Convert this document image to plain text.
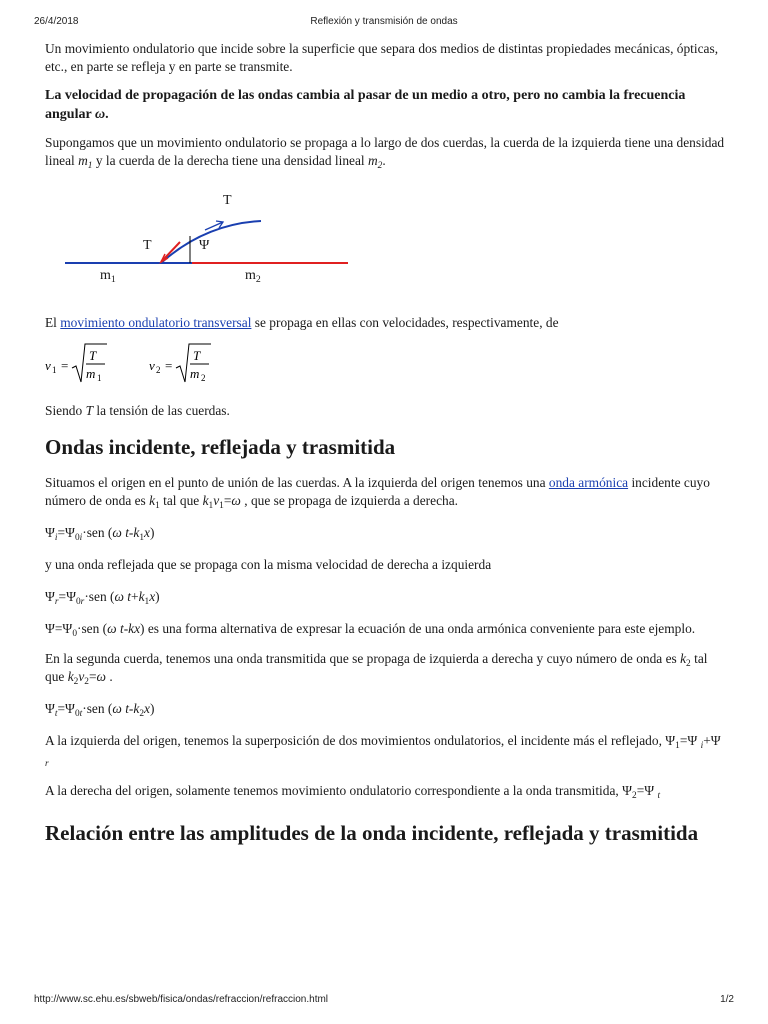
26/4/2018	Reflexión y transmisión de ondas

Un movimiento ondulatorio que incide sobre la superficie que separa dos medios de distintas propiedades mecánicas, ópticas, etc., en parte se refleja y en parte se transmite.

La velocidad de propagación de las ondas cambia al pasar de un medio a otro, pero no cambia la frecuencia angular ω.

Supongamos que un movimiento ondulatorio se propaga a lo largo de dos cuerdas, la cuerda de la izquierda tiene una densidad lineal $m_1$ y la cuerda de la derecha tiene una densidad lineal $m_2$.

T
T	Ψ
$m_1$	$m_2$

El movimiento ondulatorio transversal se propaga en ellas con velocidades, respectivamente, de

v 1 =
T
m 1
v 2 =
T
m 2

Siendo T la tensión de las cuerdas.

Ondas incidente, reflejada y trasmitida

Situamos el origen en el punto de unión de las cuerdas. A la izquierda del origen tenemos una onda armónica incidente cuyo número de onda es $k_1$ tal que $k_1v_1=\omega$ , que se propaga de izquierda a derecha.

$\Psi_i=\Psi_{0i}\cdot sen$ (ω $t-k_1x$)

y una onda reflejada que se propaga con la misma velocidad de derecha a izquierda

$\Psi_r=\Psi_{0r}\cdot sen$ (ω $t+k_1x$)

$\Psi=\Psi_0\cdot sen$ (ω t-kx) es una forma alternativa de expresar la ecuación de una onda armónica conveniente para este ejemplo.

En la segunda cuerda, tenemos una onda transmitida que se propaga de izquierda a derecha y cuyo número de onda es $k_2$ tal que $k_2v_2=\omega$ .

$\Psi_t=\Psi_{0t}\cdot sen$ (ω $t-k_2x$)

A la izquierda del origen, tenemos la superposición de dos movimientos ondulatorios, el incidente más el reflejado, $\Psi_1=\Psi$ $_i$+Ψ $_r$

A la derecha del origen, solamente tenemos movimiento ondulatorio correspondiente a la onda transmitida, $\Psi_2=\Psi$ $_t$

Relación entre las amplitudes de la onda incidente, reflejada y trasmitida
http://www.sc.ehu.es/sbweb/fisica/ondas/refraccion/refraccion.html	1/2
